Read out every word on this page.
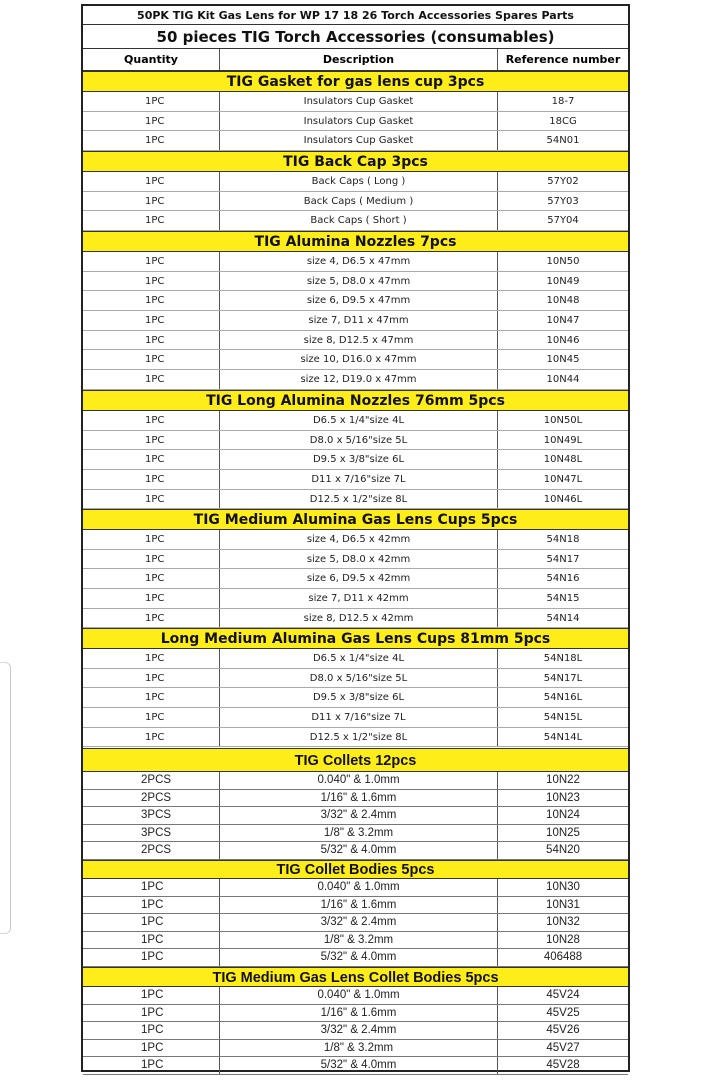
50PK TIG Kit Gas Lens for WP 17 18 26 Torch Accessories Spares Parts
50 pieces TIG Torch Accessories (consumables)
Quantity	Description	Reference number
TIG Gasket for gas lens cup 3pcs
1PC	Insulators Cup Gasket	18-7
1PC	Insulators Cup Gasket	18CG
1PC	Insulators Cup Gasket	54N01
TIG Back Cap 3pcs
1PC	Back Caps ( Long )	57Y02
1PC	Back Caps ( Medium )	57Y03
1PC	Back Caps ( Short )	57Y04
TIG Alumina Nozzles 7pcs
1PC	size 4, D6.5 x 47mm	10N50
1PC	size 5, D8.0 x 47mm	10N49
1PC	size 6, D9.5 x 47mm	10N48
1PC	size 7, D11 x 47mm	10N47
1PC	size 8, D12.5 x 47mm	10N46
1PC	size 10, D16.0 x 47mm	10N45
1PC	size 12, D19.0 x 47mm	10N44
TIG Long Alumina Nozzles 76mm 5pcs
1PC	D6.5 x 1/4"size 4L	10N50L
1PC	D8.0 x 5/16"size 5L	10N49L
1PC	D9.5 x 3/8"size 6L	10N48L
1PC	D11 x 7/16"size 7L	10N47L
1PC	D12.5 x 1/2"size 8L	10N46L
TIG Medium Alumina Gas Lens Cups 5pcs
1PC	size 4, D6.5 x 42mm	54N18
1PC	size 5, D8.0 x 42mm	54N17
1PC	size 6, D9.5 x 42mm	54N16
1PC	size 7, D11 x 42mm	54N15
1PC	size 8, D12.5 x 42mm	54N14
Long Medium Alumina Gas Lens Cups 81mm 5pcs
1PC	D6.5 x 1/4"size 4L	54N18L
1PC	D8.0 x 5/16"size 5L	54N17L
1PC	D9.5 x 3/8"size 6L	54N16L
1PC	D11 x 7/16"size 7L	54N15L
1PC	D12.5 x 1/2"size 8L	54N14L
TIG Collets 12pcs
2PCS	0.040" & 1.0mm	10N22
2PCS	1/16" & 1.6mm	10N23
3PCS	3/32" & 2.4mm	10N24
3PCS	1/8" & 3.2mm	10N25
2PCS	5/32" & 4.0mm	54N20
TIG Collet Bodies 5pcs
1PC	0.040" & 1.0mm	10N30
1PC	1/16" & 1.6mm	10N31
1PC	3/32" & 2.4mm	10N32
1PC	1/8" & 3.2mm	10N28
1PC	5/32" & 4.0mm	406488
TIG Medium Gas Lens Collet Bodies 5pcs
1PC	0.040" & 1.0mm	45V24
1PC	1/16" & 1.6mm	45V25
1PC	3/32" & 2.4mm	45V26
1PC	1/8" & 3.2mm	45V27
1PC	5/32" & 4.0mm	45V28
